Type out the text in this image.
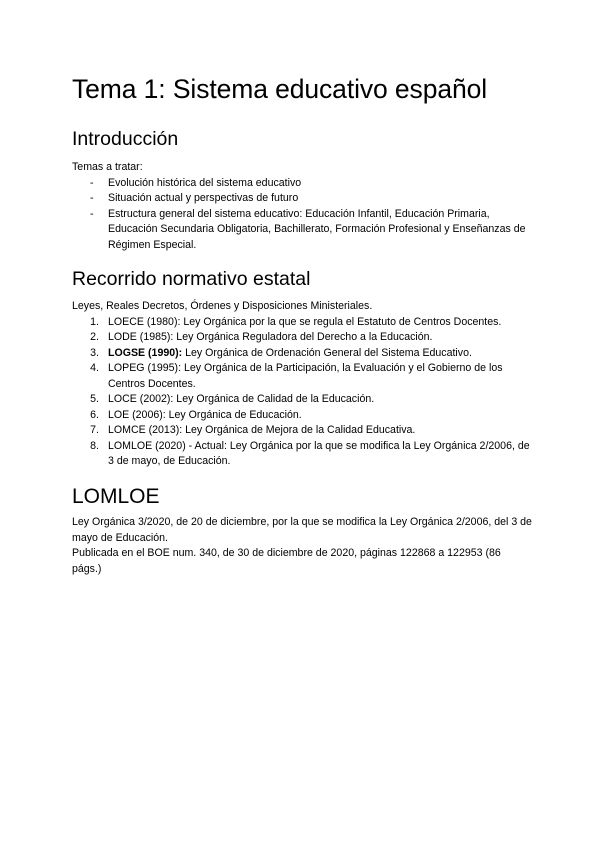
Tema 1: Sistema educativo español
Introducción
Temas a tratar:
- Evolución histórica del sistema educativo
- Situación actual y perspectivas de futuro
- Estructura general del sistema educativo: Educación Infantil, Educación Primaria, Educación Secundaria Obligatoria, Bachillerato, Formación Profesional y Enseñanzas de Régimen Especial.
Recorrido normativo estatal
Leyes, Reales Decretos, Órdenes y Disposiciones Ministeriales.
1. LOECE (1980): Ley Orgánica por la que se regula el Estatuto de Centros Docentes.
2. LODE (1985): Ley Orgánica Reguladora del Derecho a la Educación.
3. LOGSE (1990): Ley Orgánica de Ordenación General del Sistema Educativo.
4. LOPEG (1995): Ley Orgánica de la Participación, la Evaluación y el Gobierno de los Centros Docentes.
5. LOCE (2002): Ley Orgánica de Calidad de la Educación.
6. LOE (2006): Ley Orgánica de Educación.
7. LOMCE (2013): Ley Orgánica de Mejora de la Calidad Educativa.
8. LOMLOE (2020) - Actual: Ley Orgánica por la que se modifica la Ley Orgánica 2/2006, de 3 de mayo, de Educación.
LOMLOE
Ley Orgánica 3/2020, de 20 de diciembre, por la que se modifica la Ley Orgánica 2/2006, del 3 de mayo de Educación.
Publicada en el BOE num. 340, de 30 de diciembre de 2020, páginas 122868 a 122953 (86 págs.)
